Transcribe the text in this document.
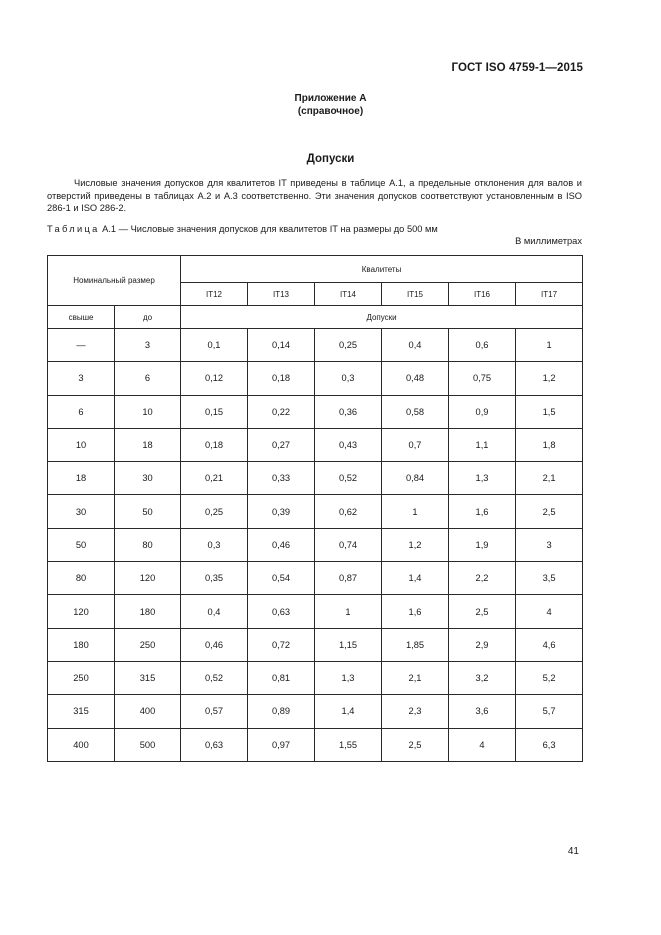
ГОСТ ISO 4759-1—2015
Приложение А
(справочное)
Допуски
Числовые значения допусков для квалитетов IT приведены в таблице А.1, а предельные отклонения для валов и отверстий приведены в таблицах А.2 и А.3 соответственно. Эти значения допусков соответствуют установленным в ISO 286-1 и ISO 286-2.
Таблица А.1 — Числовые значения допусков для квалитетов IT на размеры до 500 мм
В миллиметрах
Номинальный размер		Квалитеты					
		IT12	IT13	IT14	IT15	IT16	IT17
свыше	до	Допуски					
—	3	0,1	0,14	0,25	0,4	0,6	1
3	6	0,12	0,18	0,3	0,48	0,75	1,2
6	10	0,15	0,22	0,36	0,58	0,9	1,5
10	18	0,18	0,27	0,43	0,7	1,1	1,8
18	30	0,21	0,33	0,52	0,84	1,3	2,1
30	50	0,25	0,39	0,62	1	1,6	2,5
50	80	0,3	0,46	0,74	1,2	1,9	3
80	120	0,35	0,54	0,87	1,4	2,2	3,5
120	180	0,4	0,63	1	1,6	2,5	4
180	250	0,46	0,72	1,15	1,85	2,9	4,6
250	315	0,52	0,81	1,3	2,1	3,2	5,2
315	400	0,57	0,89	1,4	2,3	3,6	5,7
400	500	0,63	0,97	1,55	2,5	4	6,3
41
